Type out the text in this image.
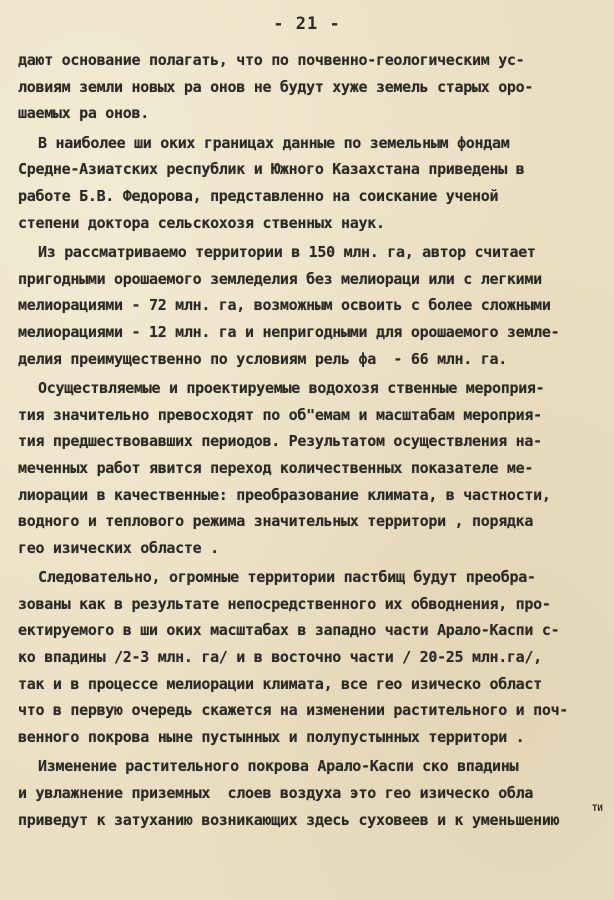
- 21 -
дают основание полагать, что по почвенно-геологическим ус-
ловиям земли новых ра онов не будут хуже земель старых оро-
шаемых ра онов.
В наиболее ши оких границах данные по земельным фондам
Средне-Азиатских республик и Южного Казахстана приведены в
работе Б.В. Федорова, представленно на соискание ученой
степени доктора сельскохозя ственных наук.
Из рассматриваемо территории в 150 млн. га, автор считает
пригодными орошаемого земледелия без мелиораци или с легкими
мелиорациями - 72 млн. га, возможным освоить с более сложными
мелиорациями - 12 млн. га и непригодными для орошаемого земле-
делия преимущественно по условиям рель фа  - 66 млн. га.
Осуществляемые и проектируемые водохозя ственные мероприя-
тия значительно превосходят по об"емам и масштабам мероприя-
тия предшествовавших периодов. Результатом осуществления на-
меченных работ явится переход количественных показателе ме-
лиорации в качественные: преобразование климата, в частности,
водного и теплового режима значительных территори , порядка
гео изических областе .
Следовательно, огромные территории пастбищ будут преобра-
зованы как в результате непосредственного их обводнения, про-
ектируемого в ши оких масштабах в западно части Арало-Каспи с-
ко впадины /2-3 млн. га/ и в восточно части / 20-25 млн.га/,
так и в процессе мелиорации климата, все гео изическо област
что в первую очередь скажется на изменении растительного и поч-
венного покрова ныне пустынных и полупустынных территори .
Изменение растительного покрова Арало-Каспи ско впадины
и увлажнение приземных  слоев воздуха это гео изическо обла
приведут к затуханию возникающих здесь суховеев и к уменьшению
ТИ
